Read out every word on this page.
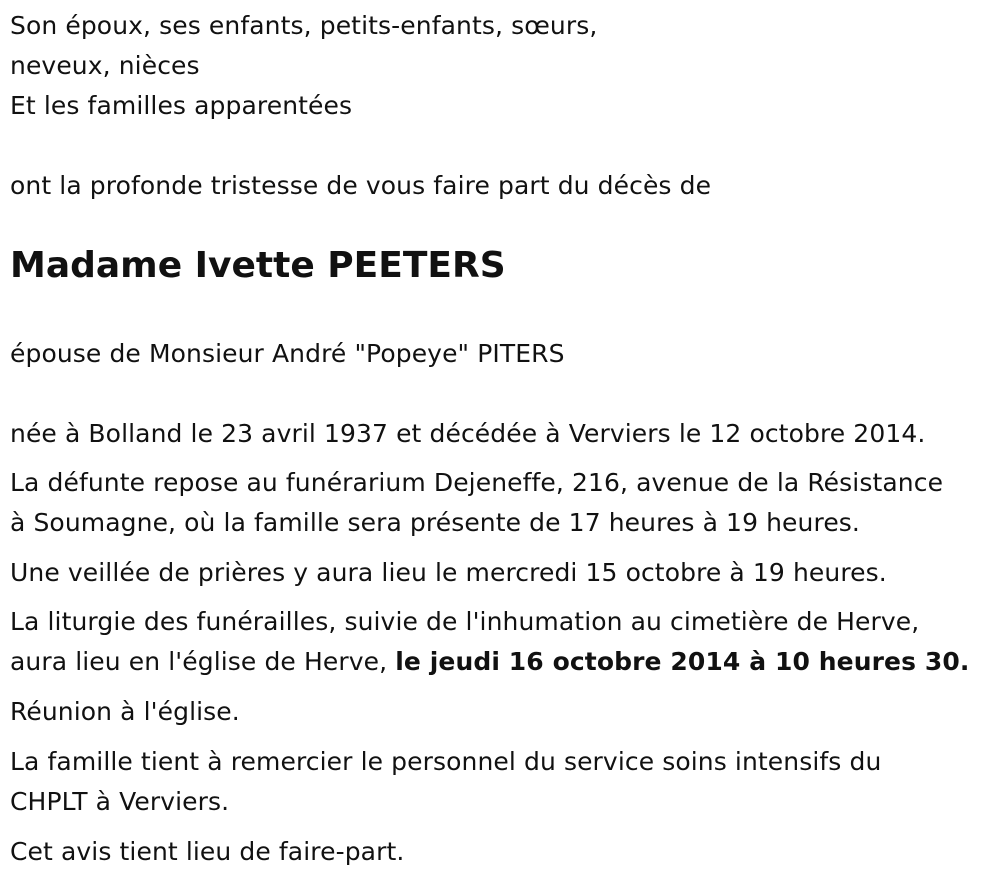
Son époux, ses enfants, petits-enfants, sœurs,
neveux, nièces
Et les familles apparentées
ont la profonde tristesse de vous faire part du décès de
Madame Ivette PEETERS
épouse de Monsieur André "Popeye" PITERS
née à Bolland le 23 avril 1937 et décédée à Verviers le 12 octobre 2014.
La défunte repose au funérarium Dejeneffe, 216, avenue de la Résistance
à Soumagne, où la famille sera présente de 17 heures à 19 heures.
Une veillée de prières y aura lieu le mercredi 15 octobre à 19 heures.
La liturgie des funérailles, suivie de l'inhumation au cimetière de Herve,
aura lieu en l'église de Herve, le jeudi 16 octobre 2014 à 10 heures 30.
Réunion à l'église.
La famille tient à remercier le personnel du service soins intensifs du
CHPLT à Verviers.
Cet avis tient lieu de faire-part.
